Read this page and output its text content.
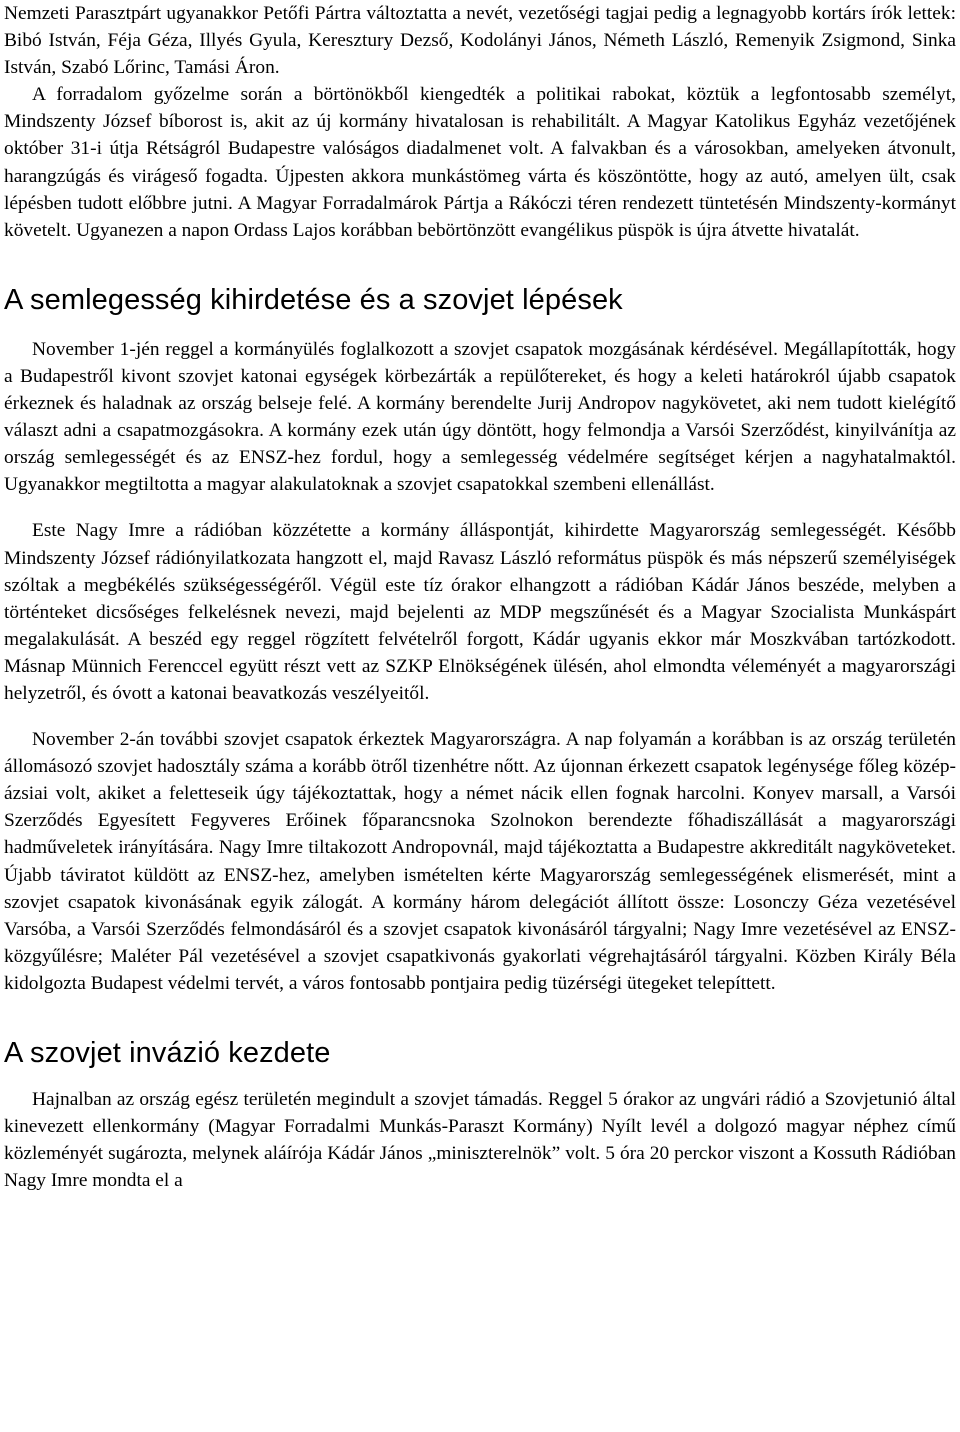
Nemzeti Parasztpárt ugyanakkor Petőfi Pártra változtatta a nevét, vezetőségi tagjai pedig a legnagyobb kortárs írók lettek: Bibó István, Féja Géza, Illyés Gyula, Keresztury Dezső, Kodolányi János, Németh László, Remenyik Zsigmond, Sinka István, Szabó Lőrinc, Tamási Áron.

A forradalom győzelme során a börtönökből kiengedték a politikai rabokat, köztük a legfontosabb személyt, Mindszenty József bíborost is, akit az új kormány hivatalosan is rehabilitált. A Magyar Katolikus Egyház vezetőjének október 31-i útja Rétságról Budapestre valóságos diadalmenet volt. A falvakban és a városokban, amelyeken átvonult, harangzúgás és virágeső fogadta. Újpesten akkora munkástömeg várta és köszöntötte, hogy az autó, amelyen ült, csak lépésben tudott előbbre jutni. A Magyar Forradalmárok Pártja a Rákóczi téren rendezett tüntetésén Mindszenty-kormányt követelt. Ugyanezen a napon Ordass Lajos korábban bebörtönzött evangélikus püspök is újra átvette hivatalát.

A semlegesség kihirdetése és a szovjet lépések

November 1-jén reggel a kormányülés foglalkozott a szovjet csapatok mozgásának kérdésével. Megállapították, hogy a Budapestről kivont szovjet katonai egységek körbezárták a repülőtereket, és hogy a keleti határokról újabb csapatok érkeznek és haladnak az ország belseje felé. A kormány berendelte Jurij Andropov nagykövetet, aki nem tudott kielégítő választ adni a csapatmozgásokra. A kormány ezek után úgy döntött, hogy felmondja a Varsói Szerződést, kinyilvánítja az ország semlegességét és az ENSZ-hez fordul, hogy a semlegesség védelmére segítséget kérjen a nagyhatalmaktól. Ugyanakkor megtiltotta a magyar alakulatoknak a szovjet csapatokkal szembeni ellenállást.

Este Nagy Imre a rádióban közzétette a kormány álláspontját, kihirdette Magyarország semlegességét. Később Mindszenty József rádiónyilatkozata hangzott el, majd Ravasz László református püspök és más népszerű személyiségek szóltak a megbékélés szükségességéről. Végül este tíz órakor elhangzott a rádióban Kádár János beszéde, melyben a történteket dicsőséges felkelésnek nevezi, majd bejelenti az MDP megszűnését és a Magyar Szocialista Munkáspárt megalakulását. A beszéd egy reggel rögzített felvételről forgott, Kádár ugyanis ekkor már Moszkvában tartózkodott. Másnap Münnich Ferenccel együtt részt vett az SZKP Elnökségének ülésén, ahol elmondta véleményét a magyarországi helyzetről, és óvott a katonai beavatkozás veszélyeitől.

November 2-án további szovjet csapatok érkeztek Magyarországra. A nap folyamán a korábban is az ország területén állomásozó szovjet hadosztály száma a korább ötről tizenhétre nőtt. Az újonnan érkezett csapatok legénysége főleg közép-ázsiai volt, akiket a feletteseik úgy tájékoztattak, hogy a német nácik ellen fognak harcolni. Konyev marsall, a Varsói Szerződés Egyesített Fegyveres Erőinek főparancsnoka Szolnokon berendezte főhadiszállását a magyarországi hadműveletek irányítására. Nagy Imre tiltakozott Andropovnál, majd tájékoztatta a Budapestre akkreditált nagyköveteket. Újabb táviratot küldött az ENSZ-hez, amelyben ismételten kérte Magyarország semlegességének elismerését, mint a szovjet csapatok kivonásának egyik zálogát. A kormány három delegációt állított össze: Losonczy Géza vezetésével Varsóba, a Varsói Szerződés felmondásáról és a szovjet csapatok kivonásáról tárgyalni; Nagy Imre vezetésével az ENSZ-közgyűlésre; Maléter Pál vezetésével a szovjet csapatkivonás gyakorlati végrehajtásáról tárgyalni. Közben Király Béla kidolgozta Budapest védelmi tervét, a város fontosabb pontjaira pedig tüzérségi ütegeket telepíttett.

A szovjet invázió kezdete

Hajnalban az ország egész területén megindult a szovjet támadás. Reggel 5 órakor az ungvári rádió a Szovjetunió által kinevezett ellenkormány (Magyar Forradalmi Munkás-Paraszt Kormány) Nyílt levél a dolgozó magyar néphez című közleményét sugározta, melynek aláírója Kádár János „miniszterelnök” volt. 5 óra 20 perckor viszont a Kossuth Rádióban Nagy Imre mondta el a
